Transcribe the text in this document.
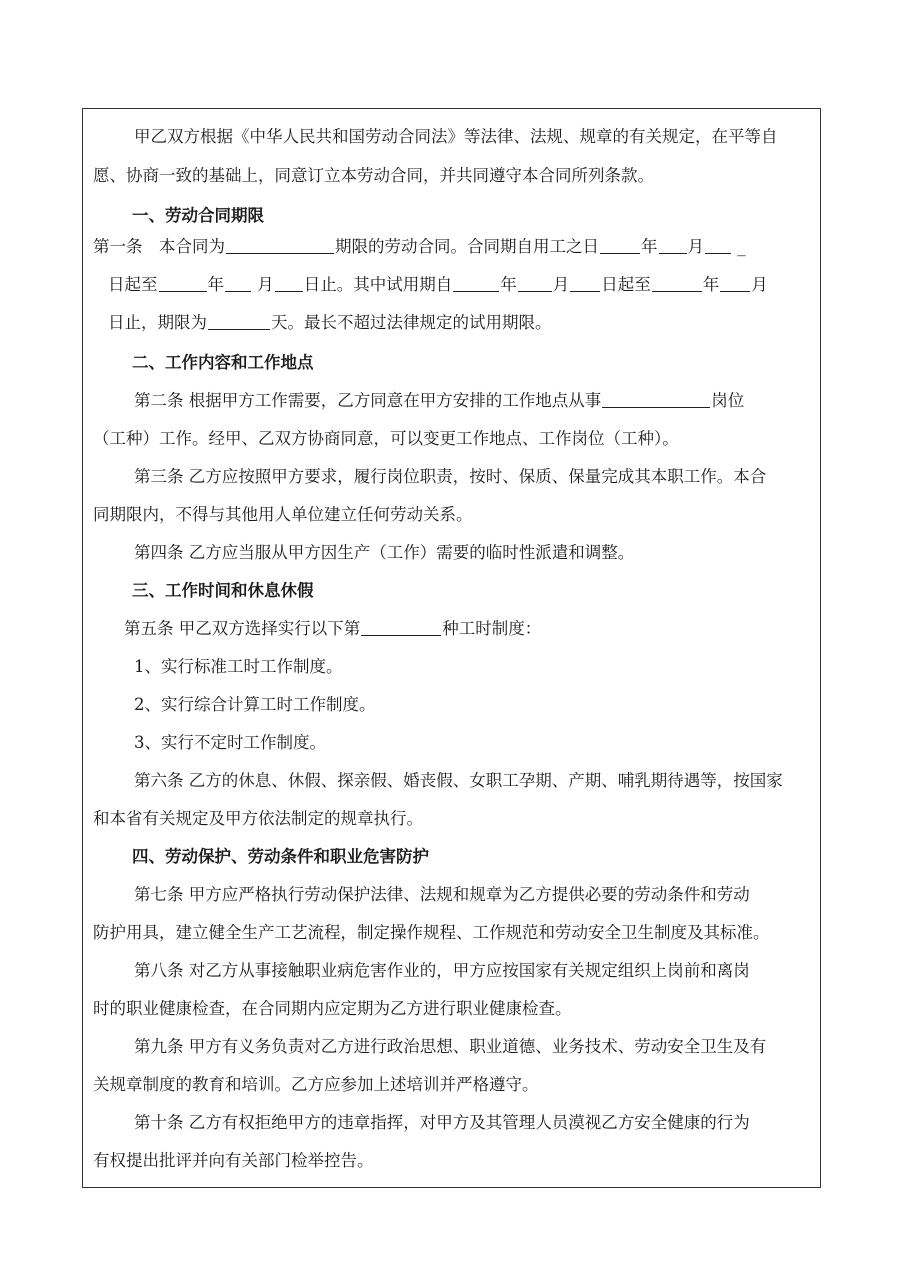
甲乙双方根据《中华人民共和国劳动合同法》等法律、法规、规章的有关规定，在平等自
愿、协商一致的基础上，同意订立本劳动合同，并共同遵守本合同所列条款。
一、劳动合同期限
第一条　本合同为	期限的劳动合同。合同期自用工之日	年 月 _
日起至	年 月 日止。其中试用期自	年 月 日起至	年 月
日止，期限为	天。最长不超过法律规定的试用期限。
二、工作内容和工作地点
第二条 根据甲方工作需要，乙方同意在甲方安排的工作地点从事	岗位
（工种）工作。经甲、乙双方协商同意，可以变更工作地点、工作岗位（工种）。
第三条 乙方应按照甲方要求，履行岗位职责，按时、保质、保量完成其本职工作。本合
同期限内，不得与其他用人单位建立任何劳动关系。
第四条 乙方应当服从甲方因生产（工作）需要的临时性派遣和调整。
三、工作时间和休息休假
第五条 甲乙双方选择实行以下第	种工时制度：
1、实行标准工时工作制度。
2、实行综合计算工时工作制度。
3、实行不定时工作制度。
第六条 乙方的休息、休假、探亲假、婚丧假、女职工孕期、产期、哺乳期待遇等，按国家
和本省有关规定及甲方依法制定的规章执行。
四、劳动保护、劳动条件和职业危害防护
第七条 甲方应严格执行劳动保护法律、法规和规章为乙方提供必要的劳动条件和劳动
防护用具，建立健全生产工艺流程，制定操作规程、工作规范和劳动安全卫生制度及其标准。
第八条 对乙方从事接触职业病危害作业的，甲方应按国家有关规定组织上岗前和离岗
时的职业健康检查，在合同期内应定期为乙方进行职业健康检查。
第九条 甲方有义务负责对乙方进行政治思想、职业道德、业务技术、劳动安全卫生及有
关规章制度的教育和培训。乙方应参加上述培训并严格遵守。
第十条 乙方有权拒绝甲方的违章指挥，对甲方及其管理人员漠视乙方安全健康的行为
有权提出批评并向有关部门检举控告。
